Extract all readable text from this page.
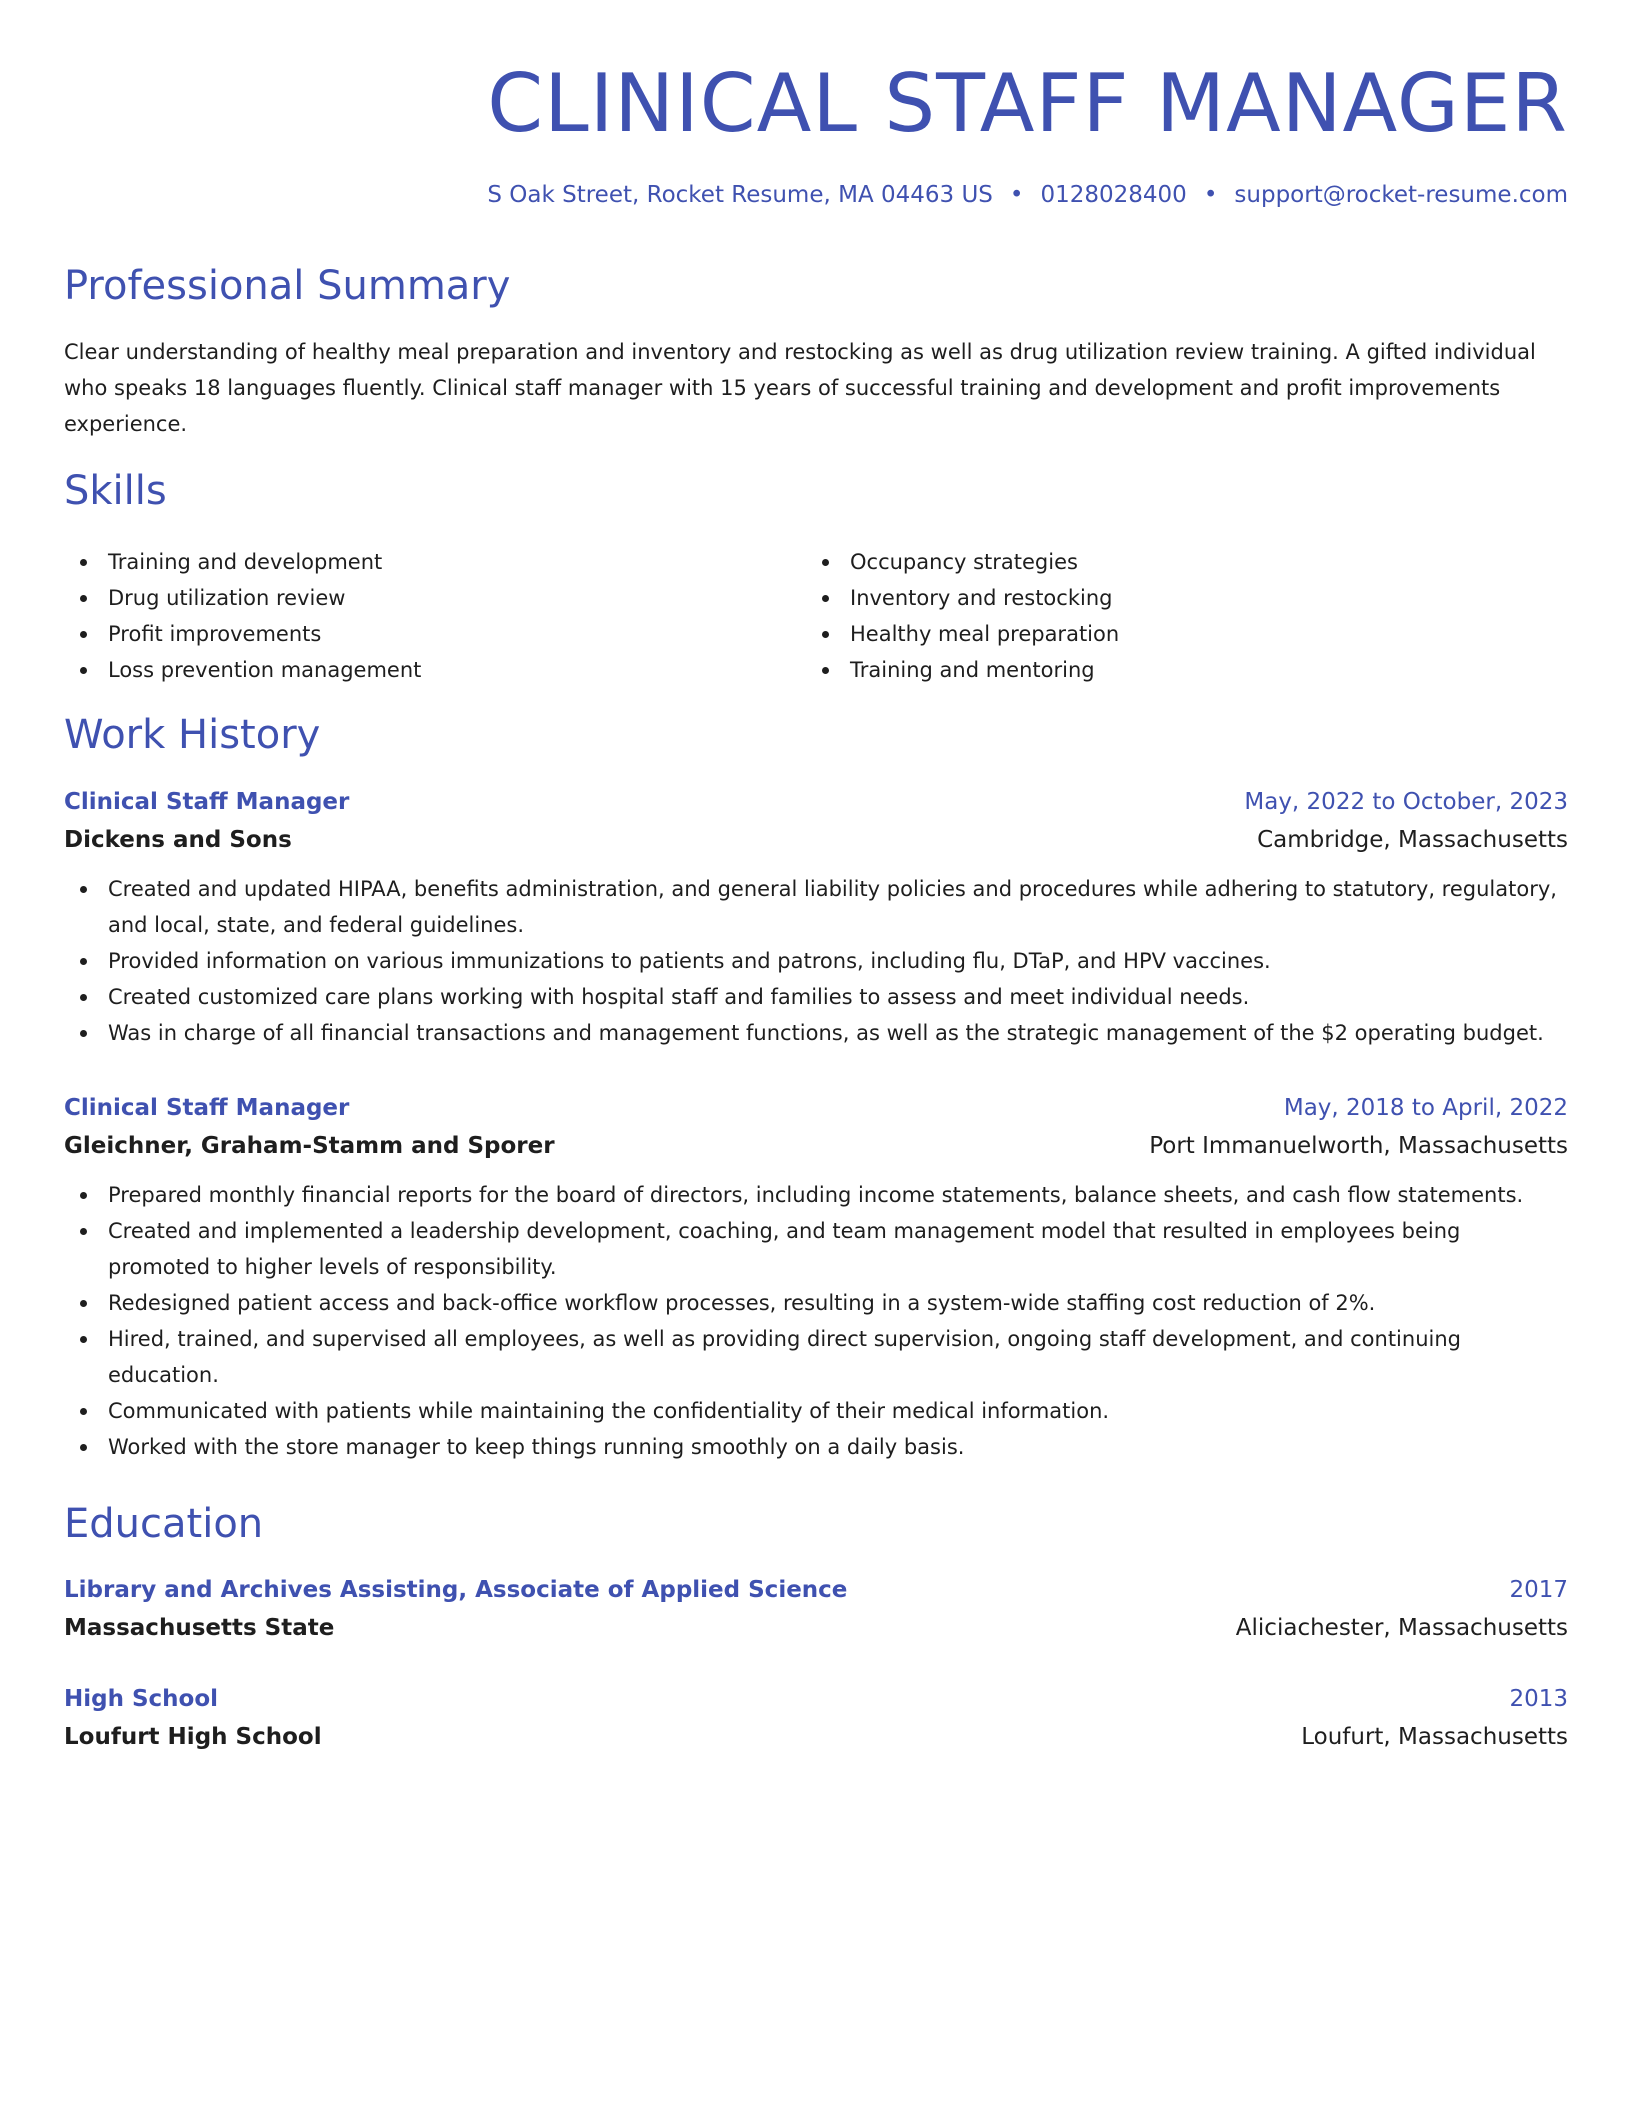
CLINICAL STAFF MANAGER
S Oak Street, Rocket Resume, MA 04463 US • 0128028400 • support@rocket-resume.com
Professional Summary

Clear understanding of healthy meal preparation and inventory and restocking as well as drug utilization review training. A gifted individual who speaks 18 languages fluently. Clinical staff manager with 15 years of successful training and development and profit improvements experience.

Skills
Training and development
Drug utilization review
Profit improvements
Loss prevention management
Occupancy strategies
Inventory and restocking
Healthy meal preparation
Training and mentoring
Work History
Clinical Staff Manager	May, 2022 to October, 2023
Dickens and Sons	Cambridge, Massachusetts
Created and updated HIPAA, benefits administration, and general liability policies and procedures while adhering to statutory, regulatory, and local, state, and federal guidelines.
Provided information on various immunizations to patients and patrons, including flu, DTaP, and HPV vaccines.
Created customized care plans working with hospital staff and families to assess and meet individual needs.
Was in charge of all financial transactions and management functions, as well as the strategic management of the $2 operating budget.
Clinical Staff Manager	May, 2018 to April, 2022
Gleichner, Graham-Stamm and Sporer	Port Immanuelworth, Massachusetts
Prepared monthly financial reports for the board of directors, including income statements, balance sheets, and cash flow statements.
Created and implemented a leadership development, coaching, and team management model that resulted in employees being promoted to higher levels of responsibility.
Redesigned patient access and back-office workflow processes, resulting in a system-wide staffing cost reduction of 2%.
Hired, trained, and supervised all employees, as well as providing direct supervision, ongoing staff development, and continuing education.
Communicated with patients while maintaining the confidentiality of their medical information.
Worked with the store manager to keep things running smoothly on a daily basis.
Education
Library and Archives Assisting, Associate of Applied Science	2017
Massachusetts State	Aliciachester, Massachusetts
High School	2013
Loufurt High School	Loufurt, Massachusetts
